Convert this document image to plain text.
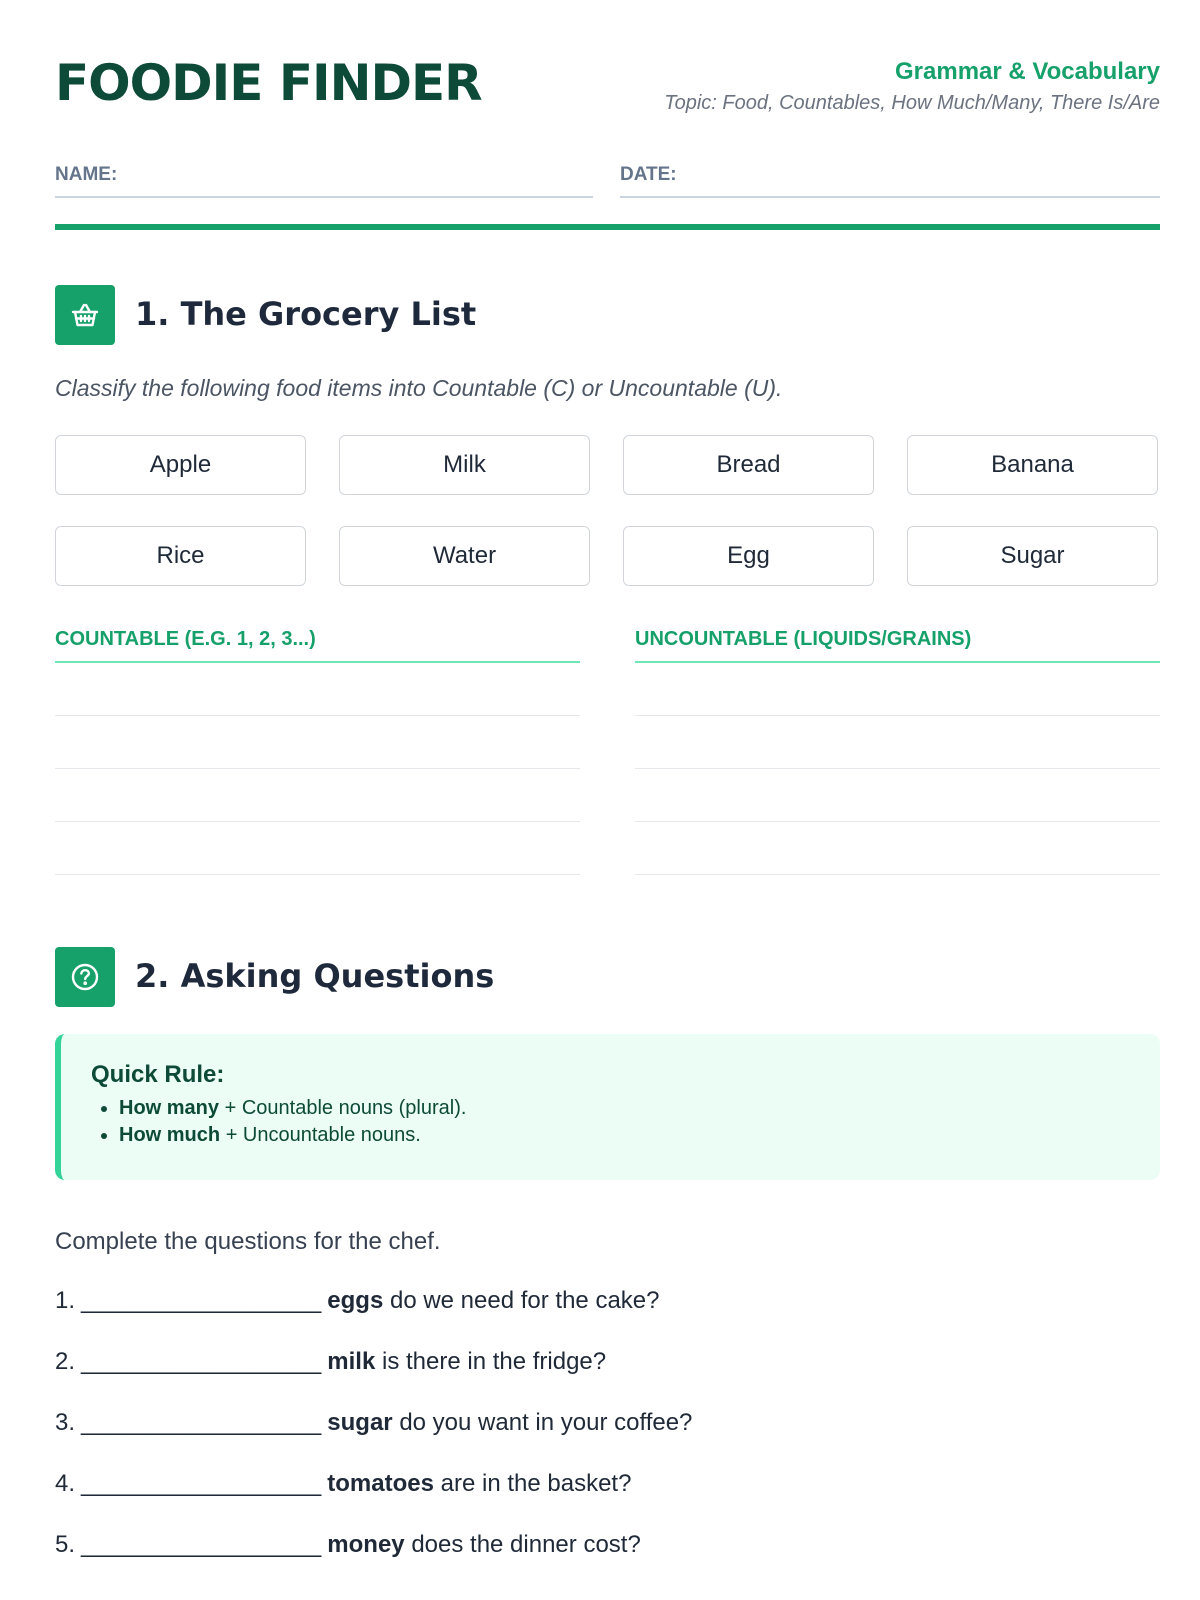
FOODIE FINDER	Grammar & Vocabulary
Topic: Food, Countables, How Much/Many, There Is/Are
NAME:	DATE:
1. The Grocery List
Classify the following food items into Countable (C) or Uncountable (U).
Apple	Milk	Bread	Banana
Rice	Water	Egg	Sugar
COUNTABLE (E.G. 1, 2, 3...)	UNCOUNTABLE (LIQUIDS/GRAINS)
2. Asking Questions
Quick Rule:
• How many + Countable nouns (plural).
• How much + Uncountable nouns.
Complete the questions for the chef.
1. __________________ eggs do we need for the cake?
2. __________________ milk is there in the fridge?
3. __________________ sugar do you want in your coffee?
4. __________________ tomatoes are in the basket?
5. __________________ money does the dinner cost?
